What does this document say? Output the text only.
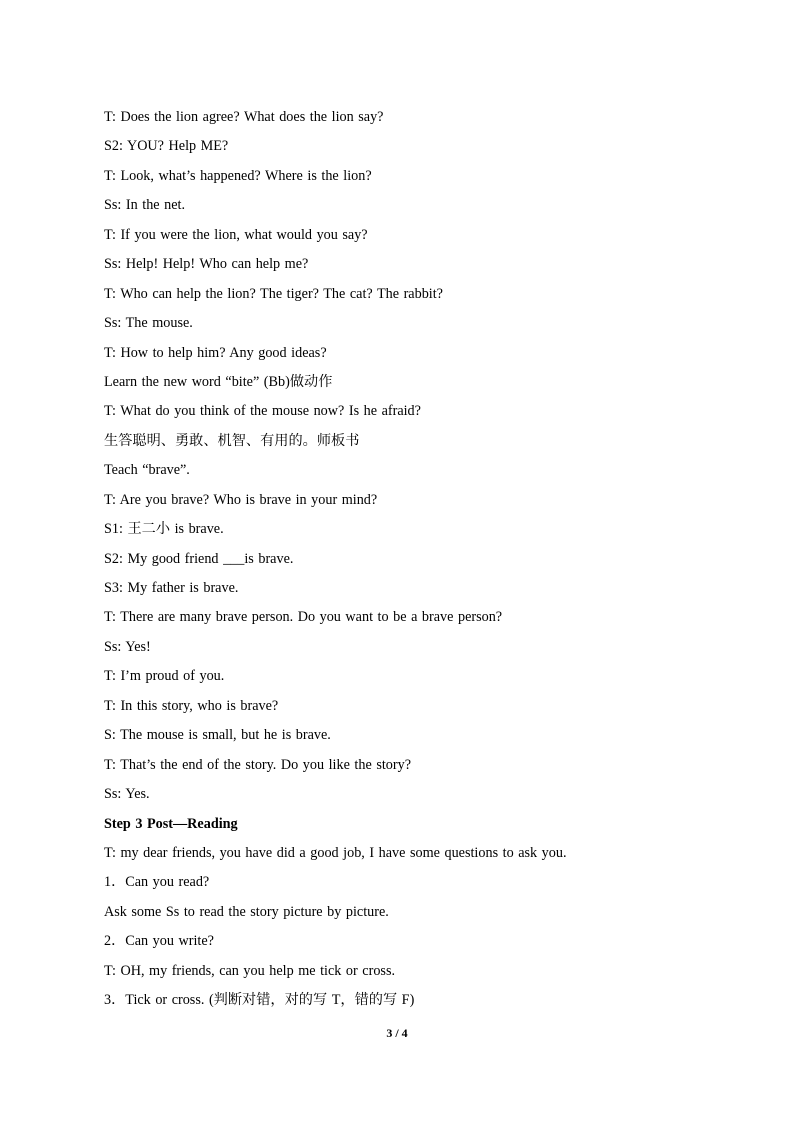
T: Does the lion agree? What does the lion say?
S2: YOU? Help ME?
T: Look, what’s happened? Where is the lion?
Ss: In the net.
T: If you were the lion, what would you say?
Ss: Help! Help! Who can help me?
T: Who can help the lion? The tiger? The cat? The rabbit?
Ss: The mouse.
T: How to help him? Any good ideas?
Learn the new word “bite” (Bb)做动作
T: What do you think of the mouse now? Is he afraid?
生答聪明、勇敢、机智、有用的。师板书
Teach “brave”.
T: Are you brave? Who is brave in your mind?
S1: 王二小 is brave.
S2: My good friend ___is brave.
S3: My father is brave.
T: There are many brave person. Do you want to be a brave person?
Ss: Yes!
T: I’m proud of you.
T: In this story, who is brave?
S: The mouse is small, but he is brave.
T: That’s the end of the story. Do you like the story?
Ss: Yes.
Step 3 Post—Reading
T: my dear friends, you have did a good job, I have some questions to ask you.
1．Can you read?
Ask some Ss to read the story picture by picture.
2．Can you write?
T: OH, my friends, can you help me tick or cross.
3．Tick or cross. (判断对错，对的写 T，错的写 F)
3 / 4
